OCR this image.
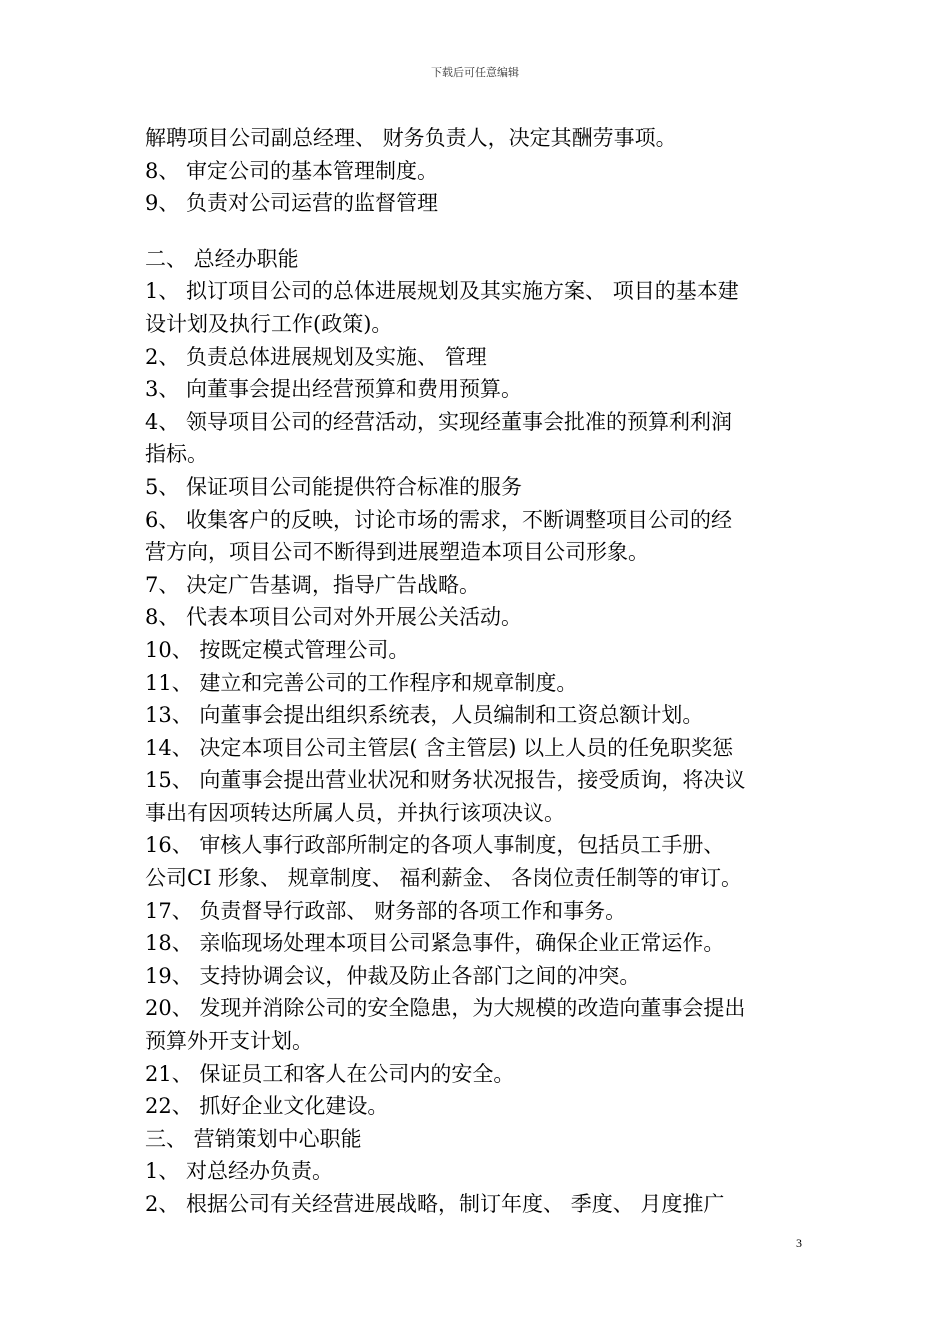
下载后可任意编辑
解聘项目公司副总经理、 财务负责人，决定其酬劳事项。
8、 审定公司的基本管理制度。
9、 负责对公司运营的监督管理
二、 总经办职能
1、 拟订项目公司的总体进展规划及其实施方案、 项目的基本建
设计划及执行工作(政策)。
2、 负责总体进展规划及实施、 管理
3、 向董事会提出经营预算和费用预算。
4、 领导项目公司的经营活动，实现经董事会批准的预算利利润
指标。
5、 保证项目公司能提供符合标准的服务
6、 收集客户的反映，讨论市场的需求，不断调整项目公司的经
营方向，项目公司不断得到进展塑造本项目公司形象。
7、 决定广告基调，指导广告战略。
8、 代表本项目公司对外开展公关活动。
10、 按既定模式管理公司。
11、 建立和完善公司的工作程序和规章制度。
13、 向董事会提出组织系统表，人员编制和工资总额计划。
14、 决定本项目公司主管层( 含主管层) 以上人员的任免职奖惩
15、 向董事会提出营业状况和财务状况报告，接受质询，将决议
事出有因项转达所属人员，并执行该项决议。
16、 审核人事行政部所制定的各项人事制度，包括员工手册、
公司CI 形象、 规章制度、 福利薪金、 各岗位责任制等的审订。
17、 负责督导行政部、 财务部的各项工作和事务。
18、 亲临现场处理本项目公司紧急事件，确保企业正常运作。
19、 支持协调会议，仲裁及防止各部门之间的冲突。
20、 发现并消除公司的安全隐患，为大规模的改造向董事会提出
预算外开支计划。
21、 保证员工和客人在公司内的安全。
22、 抓好企业文化建设。
三、 营销策划中心职能
1、 对总经办负责。
2、 根据公司有关经营进展战略，制订年度、 季度、 月度推广
3
